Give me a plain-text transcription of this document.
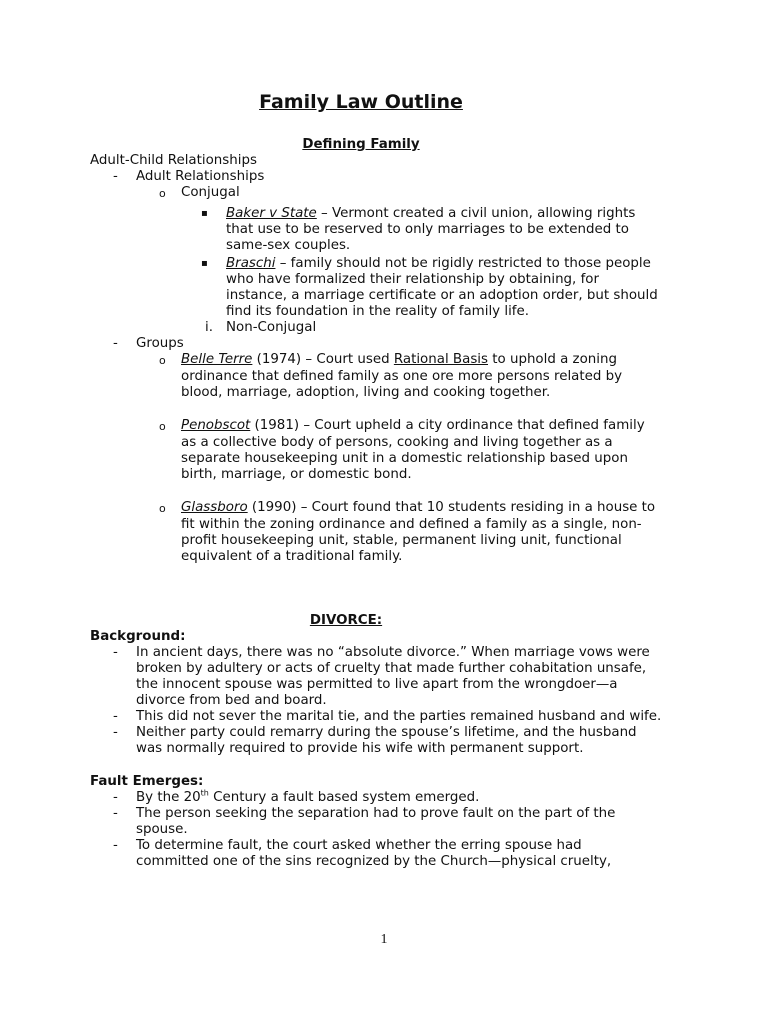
Family Law Outline
Defining Family
Adult-Child Relationships
- Adult Relationships
o Conjugal
▪ Baker v State – Vermont created a civil union, allowing rights
that use to be reserved to only marriages to be extended to
same-sex couples.
▪ Braschi – family should not be rigidly restricted to those people
who have formalized their relationship by obtaining, for
instance, a marriage certificate or an adoption order, but should
find its foundation in the reality of family life.
i. Non-Conjugal
- Groups
o Belle Terre (1974) – Court used Rational Basis to uphold a zoning
ordinance that defined family as one ore more persons related by
blood, marriage, adoption, living and cooking together.
o Penobscot (1981) – Court upheld a city ordinance that defined family
as a collective body of persons, cooking and living together as a
separate housekeeping unit in a domestic relationship based upon
birth, marriage, or domestic bond.
o Glassboro (1990) – Court found that 10 students residing in a house to
fit within the zoning ordinance and defined a family as a single, non-
profit housekeeping unit, stable, permanent living unit, functional
equivalent of a traditional family.
DIVORCE:
Background:
- In ancient days, there was no “absolute divorce.” When marriage vows were
broken by adultery or acts of cruelty that made further cohabitation unsafe,
the innocent spouse was permitted to live apart from the wrongdoer—a
divorce from bed and board.
- This did not sever the marital tie, and the parties remained husband and wife.
- Neither party could remarry during the spouse’s lifetime, and the husband
was normally required to provide his wife with permanent support.
Fault Emerges:
- By the 20th Century a fault based system emerged.
- The person seeking the separation had to prove fault on the part of the
spouse.
- To determine fault, the court asked whether the erring spouse had
committed one of the sins recognized by the Church—physical cruelty,
1
